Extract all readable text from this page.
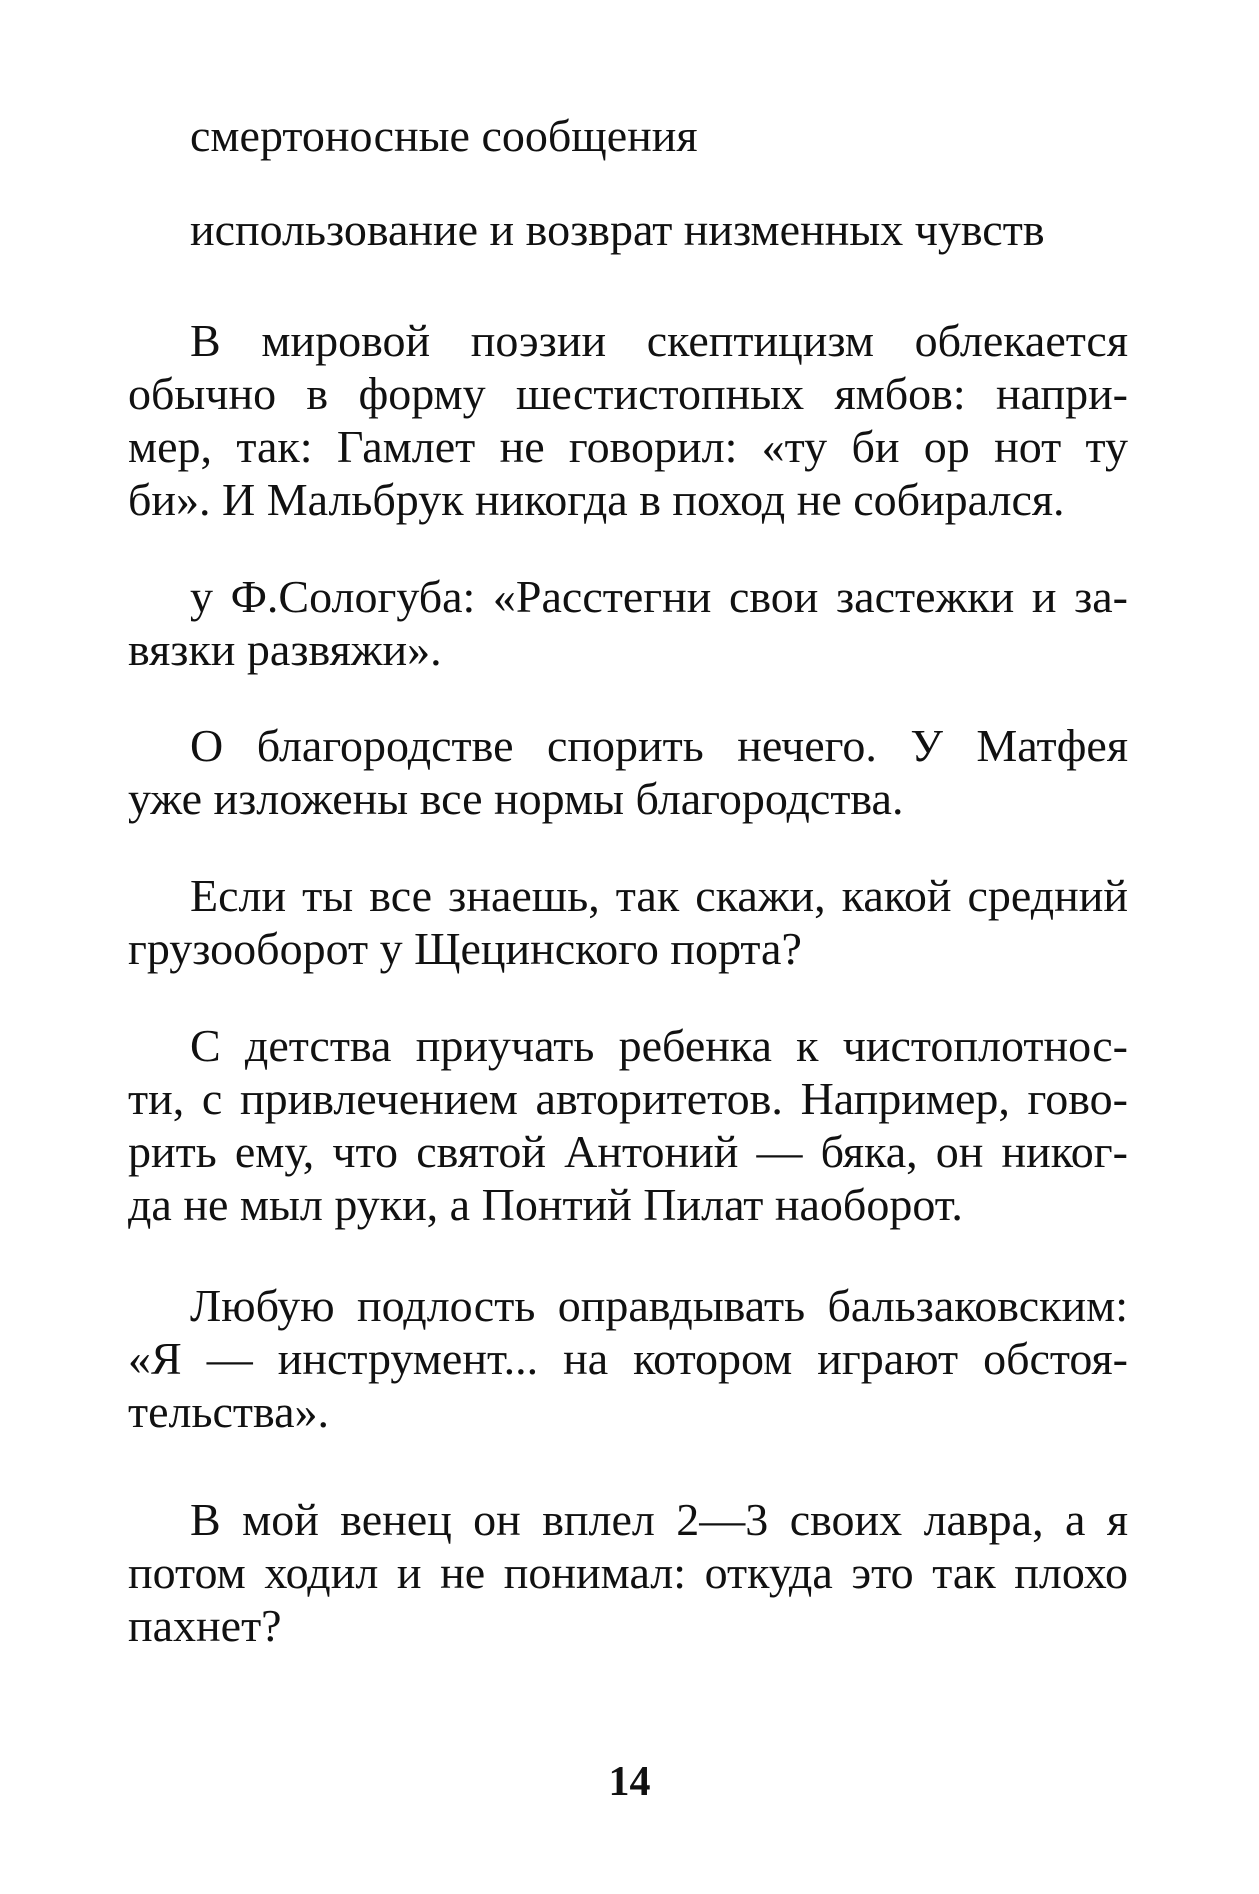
смертоносные сообщения

использование и возврат низменных чувств

В мировой поэзии скептицизм облекается

обычно в форму шестистопных ямбов: напри-

мер, так: Гамлет не говорил: «ту би ор нот ту

би». И Мальбрук никогда в поход не собирался.

у Ф.Сологуба: «Расстегни свои застежки и за-

вязки развяжи».

О благородстве спорить нечего. У Матфея

уже изложены все нормы благородства.

Если ты все знаешь, так скажи, какой средний

грузооборот у Щецинского порта?

С детства приучать ребенка к чистоплотнос-

ти, с привлечением авторитетов. Например, гово-

рить ему, что святой Антоний — бяка, он никог-

да не мыл руки, а Понтий Пилат наоборот.

Любую подлость оправдывать бальзаковским:

«Я — инструмент... на котором играют обстоя-

тельства».

В мой венец он вплел 2—3 своих лавра, а я

потом ходил и не понимал: откуда это так плохо

пахнет?

14
